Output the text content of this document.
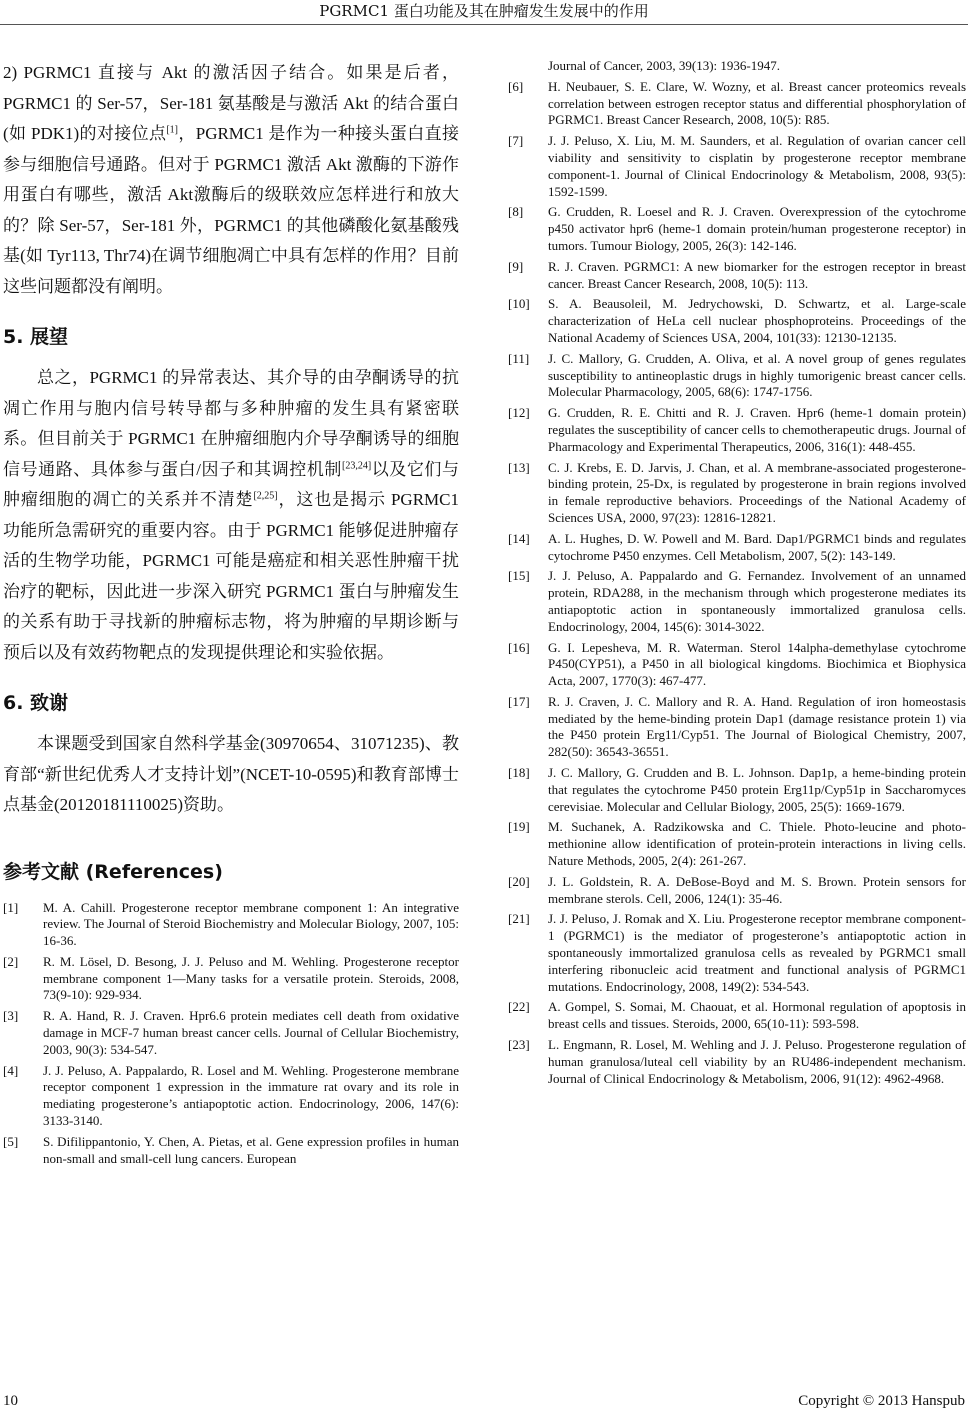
PGRMC1 蛋白功能及其在肿瘤发生发展中的作用

2) PGRMC1 直接与 Akt 的激活因子结合。如果是后者，PGRMC1 的 Ser-57，Ser-181 氨基酸是与激活 Akt 的结合蛋白(如 PDK1)的对接位点[1]，PGRMC1 是作为一种接头蛋白直接参与细胞信号通路。但对于 PGRMC1 激活 Akt 激酶的下游作用蛋白有哪些，激活 Akt激酶后的级联效应怎样进行和放大的？除 Ser-57，Ser-181 外，PGRMC1 的其他磷酸化氨基酸残基(如 Tyr113, Thr74)在调节细胞凋亡中具有怎样的作用？目前这些问题都没有阐明。

5. 展望

总之，PGRMC1 的异常表达、其介导的由孕酮诱导的抗凋亡作用与胞内信号转导都与多种肿瘤的发生具有紧密联系。但目前关于 PGRMC1 在肿瘤细胞内介导孕酮诱导的细胞信号通路、具体参与蛋白/因子和其调控机制[23,24]以及它们与肿瘤细胞的凋亡的关系并不清楚[2,25]，这也是揭示 PGRMC1 功能所急需研究的重要内容。由于 PGRMC1 能够促进肿瘤存活的生物学功能，PGRMC1 可能是癌症和相关恶性肿瘤干扰治疗的靶标，因此进一步深入研究 PGRMC1 蛋白与肿瘤发生的关系有助于寻找新的肿瘤标志物，将为肿瘤的早期诊断与预后以及有效药物靶点的发现提供理论和实验依据。

6. 致谢

本课题受到国家自然科学基金(30970654、31071235)、教育部“新世纪优秀人才支持计划”(NCET-10-0595)和教育部博士点基金(20120181110025)资助。

参考文献 (References)
[1]	M. A. Cahill. Progesterone receptor membrane component 1: An integrative review. The Journal of Steroid Biochemistry and Molecular Biology, 2007, 105: 16-36.
[2]	R. M. Lösel, D. Besong, J. J. Peluso and M. Wehling. Progesterone receptor membrane component 1—Many tasks for a versatile protein. Steroids, 2008, 73(9-10): 929-934.
[3]	R. A. Hand, R. J. Craven. Hpr6.6 protein mediates cell death from oxidative damage in MCF-7 human breast cancer cells. Journal of Cellular Biochemistry, 2003, 90(3): 534-547.
[4]	J. J. Peluso, A. Pappalardo, R. Losel and M. Wehling. Progesterone membrane receptor component 1 expression in the immature rat ovary and its role in mediating progesterone’s antiapoptotic action. Endocrinology, 2006, 147(6): 3133-3140.
[5]	S. Difilippantonio, Y. Chen, A. Pietas, et al. Gene expression profiles in human non-small and small-cell lung cancers. European
Journal of Cancer, 2003, 39(13): 1936-1947.
[6]	H. Neubauer, S. E. Clare, W. Wozny, et al. Breast cancer proteomics reveals correlation between estrogen receptor status and differential phosphorylation of PGRMC1. Breast Cancer Research, 2008, 10(5): R85.
[7]	J. J. Peluso, X. Liu, M. M. Saunders, et al. Regulation of ovarian cancer cell viability and sensitivity to cisplatin by progesterone receptor membrane component-1. Journal of Clinical Endocrinology & Metabolism, 2008, 93(5): 1592-1599.
[8]	G. Crudden, R. Loesel and R. J. Craven. Overexpression of the cytochrome p450 activator hpr6 (heme-1 domain protein/human progesterone receptor) in tumors. Tumour Biology, 2005, 26(3): 142-146.
[9]	R. J. Craven. PGRMC1: A new biomarker for the estrogen receptor in breast cancer. Breast Cancer Research, 2008, 10(5): 113.
[10]	S. A. Beausoleil, M. Jedrychowski, D. Schwartz, et al. Large-scale characterization of HeLa cell nuclear phosphoproteins. Proceedings of the National Academy of Sciences USA, 2004, 101(33): 12130-12135.
[11]	J. C. Mallory, G. Crudden, A. Oliva, et al. A novel group of genes regulates susceptibility to antineoplastic drugs in highly tumorigenic breast cancer cells. Molecular Pharmacology, 2005, 68(6): 1747-1756.
[12]	G. Crudden, R. E. Chitti and R. J. Craven. Hpr6 (heme-1 domain protein) regulates the susceptibility of cancer cells to chemotherapeutic drugs. Journal of Pharmacology and Experimental Therapeutics, 2006, 316(1): 448-455.
[13]	C. J. Krebs, E. D. Jarvis, J. Chan, et al. A membrane-associated progesterone-binding protein, 25-Dx, is regulated by progesterone in brain regions involved in female reproductive behaviors. Proceedings of the National Academy of Sciences USA, 2000, 97(23): 12816-12821.
[14]	A. L. Hughes, D. W. Powell and M. Bard. Dap1/PGRMC1 binds and regulates cytochrome P450 enzymes. Cell Metabolism, 2007, 5(2): 143-149.
[15]	J. J. Peluso, A. Pappalardo and G. Fernandez. Involvement of an unnamed protein, RDA288, in the mechanism through which progesterone mediates its antiapoptotic action in spontaneously immortalized granulosa cells. Endocrinology, 2004, 145(6): 3014-3022.
[16]	G. I. Lepesheva, M. R. Waterman. Sterol 14alpha-demethylase cytochrome P450(CYP51), a P450 in all biological kingdoms. Biochimica et Biophysica Acta, 2007, 1770(3): 467-477.
[17]	R. J. Craven, J. C. Mallory and R. A. Hand. Regulation of iron homeostasis mediated by the heme-binding protein Dap1 (damage resistance protein 1) via the P450 protein Erg11/Cyp51. The Journal of Biological Chemistry, 2007, 282(50): 36543-36551.
[18]	J. C. Mallory, G. Crudden and B. L. Johnson. Dap1p, a heme-binding protein that regulates the cytochrome P450 protein Erg11p/Cyp51p in Saccharomyces cerevisiae. Molecular and Cellular Biology, 2005, 25(5): 1669-1679.
[19]	M. Suchanek, A. Radzikowska and C. Thiele. Photo-leucine and photo-methionine allow identification of protein-protein interactions in living cells. Nature Methods, 2005, 2(4): 261-267.
[20]	J. L. Goldstein, R. A. DeBose-Boyd and M. S. Brown. Protein sensors for membrane sterols. Cell, 2006, 124(1): 35-46.
[21]	J. J. Peluso, J. Romak and X. Liu. Progesterone receptor membrane component-1 (PGRMC1) is the mediator of progesterone’s antiapoptotic action in spontaneously immortalized granulosa cells as revealed by PGRMC1 small interfering ribonucleic acid treatment and functional analysis of PGRMC1 mutations. Endocrinology, 2008, 149(2): 534-543.
[22]	A. Gompel, S. Somai, M. Chaouat, et al. Hormonal regulation of apoptosis in breast cells and tissues. Steroids, 2000, 65(10-11): 593-598.
[23]	L. Engmann, R. Losel, M. Wehling and J. J. Peluso. Progesterone regulation of human granulosa/luteal cell viability by an RU486-independent mechanism. Journal of Clinical Endocrinology & Metabolism, 2006, 91(12): 4962-4968.
10	Copyright © 2013 Hanspub
